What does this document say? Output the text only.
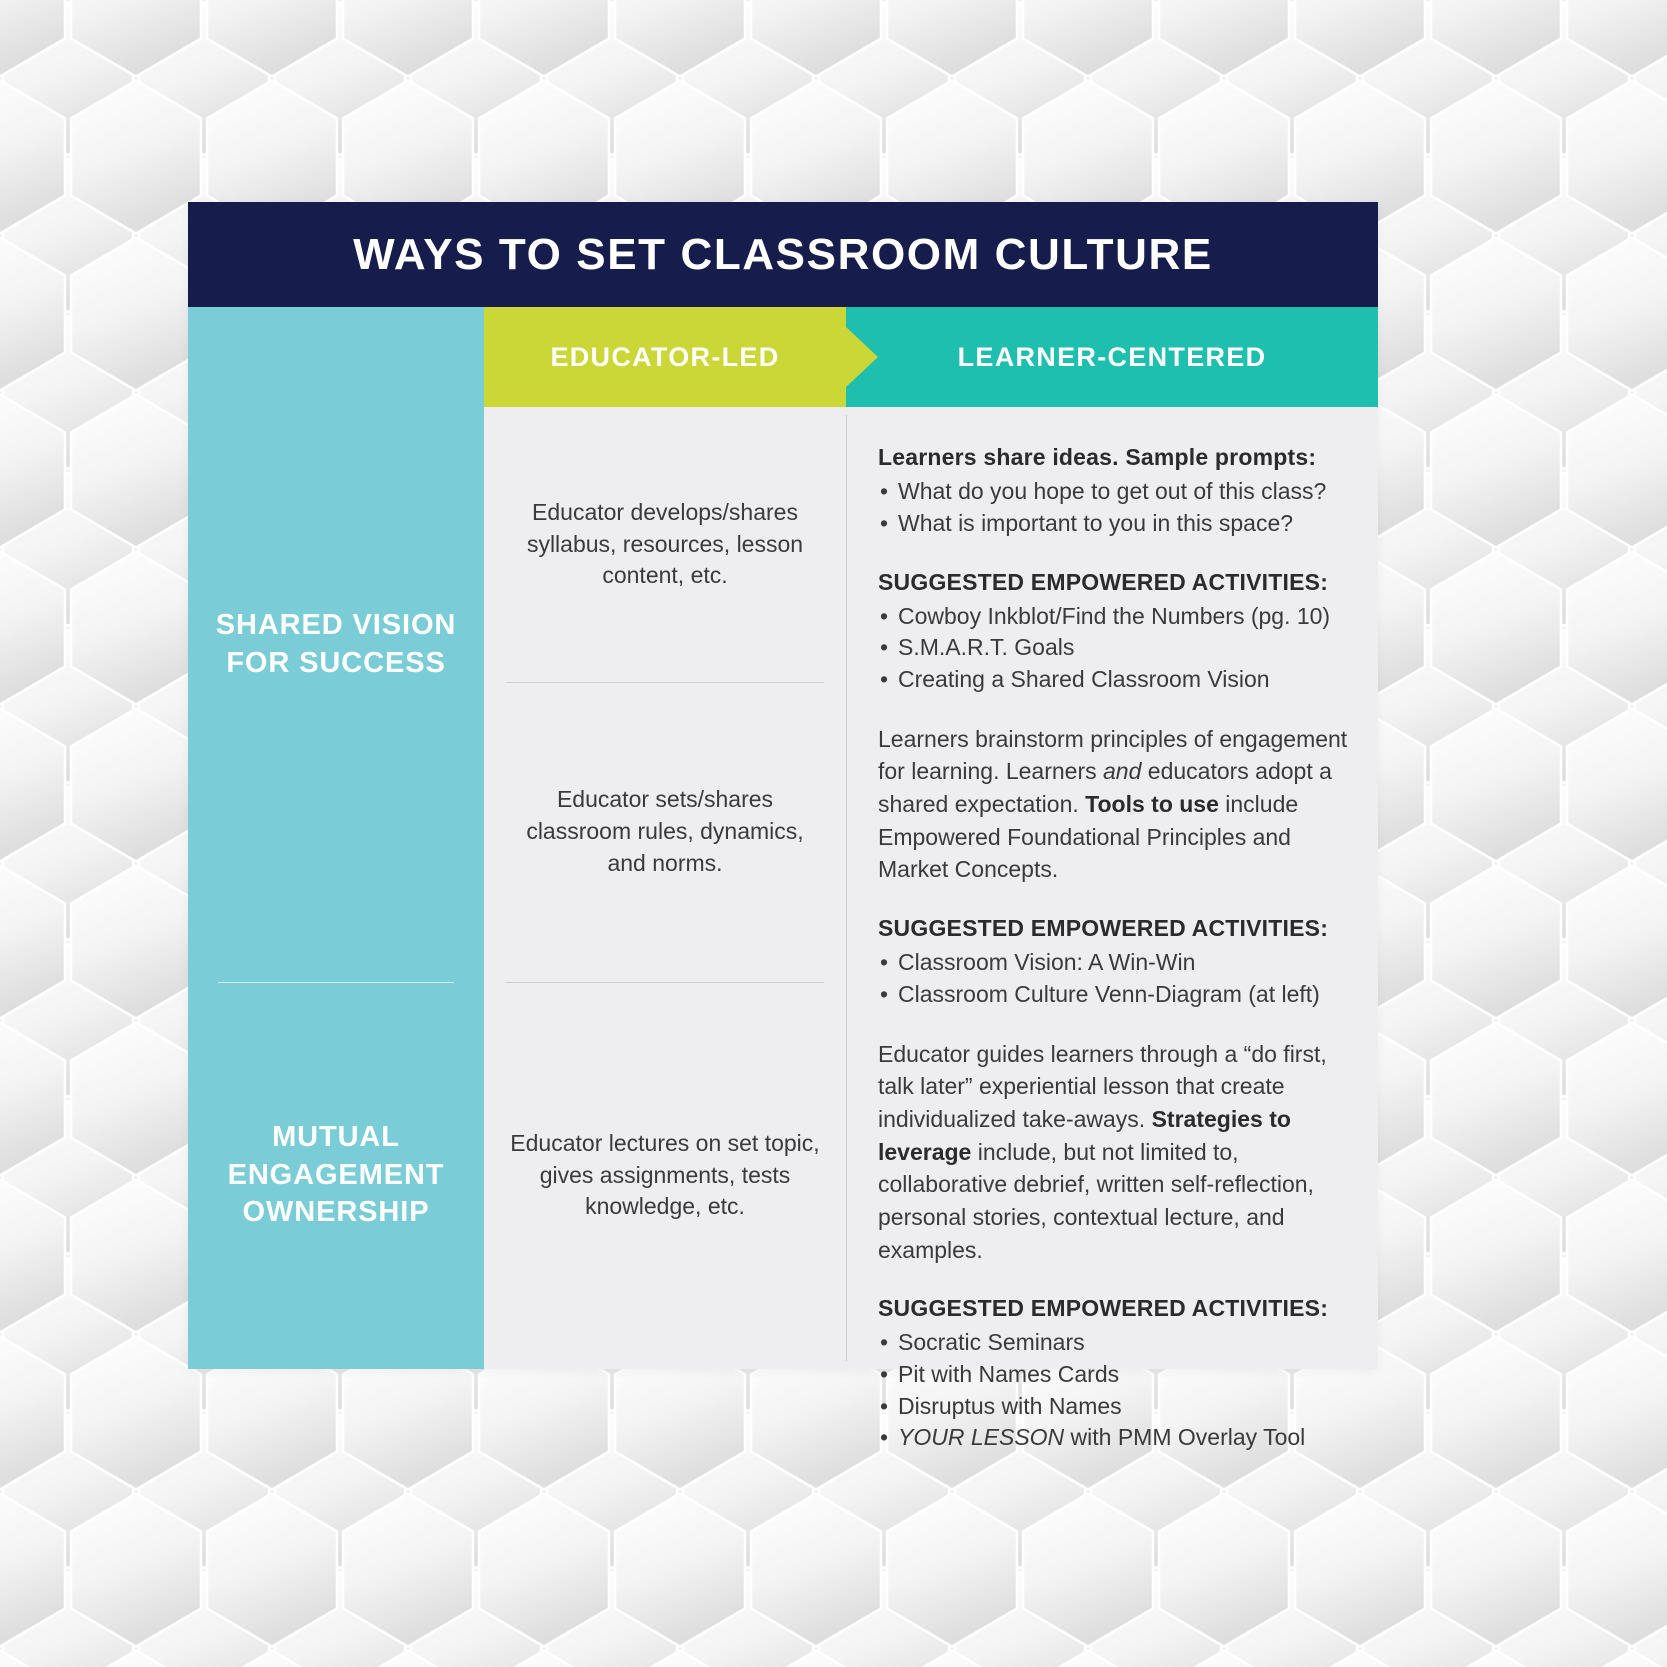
WAYS TO SET CLASSROOM CULTURE
SHARED VISION FOR SUCCESS
MUTUAL ENGAGEMENT OWNERSHIP
EDUCATOR-LED	LEARNER-CENTERED

Educator develops/shares syllabus, resources, lesson content, etc.

Educator sets/shares classroom rules, dynamics, and norms.

Educator lectures on set topic, gives assignments, tests knowledge, etc.

Learners share ideas. Sample prompts:
• What do you hope to get out of this class?
• What is important to you in this space?
SUGGESTED EMPOWERED ACTIVITIES:
• Cowboy Inkblot/Find the Numbers (pg. 10)
• S.M.A.R.T. Goals
• Creating a Shared Classroom Vision

Learners brainstorm principles of engagement for learning. Learners and educators adopt a shared expectation. Tools to use include Empowered Foundational Principles and Market Concepts.

SUGGESTED EMPOWERED ACTIVITIES:
• Classroom Vision: A Win-Win
• Classroom Culture Venn-Diagram (at left)

Educator guides learners through a “do first, talk later” experiential lesson that create individualized take-aways. Strategies to leverage include, but not limited to, collaborative debrief, written self-reflection, personal stories, contextual lecture, and examples.

SUGGESTED EMPOWERED ACTIVITIES:
• Socratic Seminars
• Pit with Names Cards
• Disruptus with Names
• YOUR LESSON with PMM Overlay Tool
